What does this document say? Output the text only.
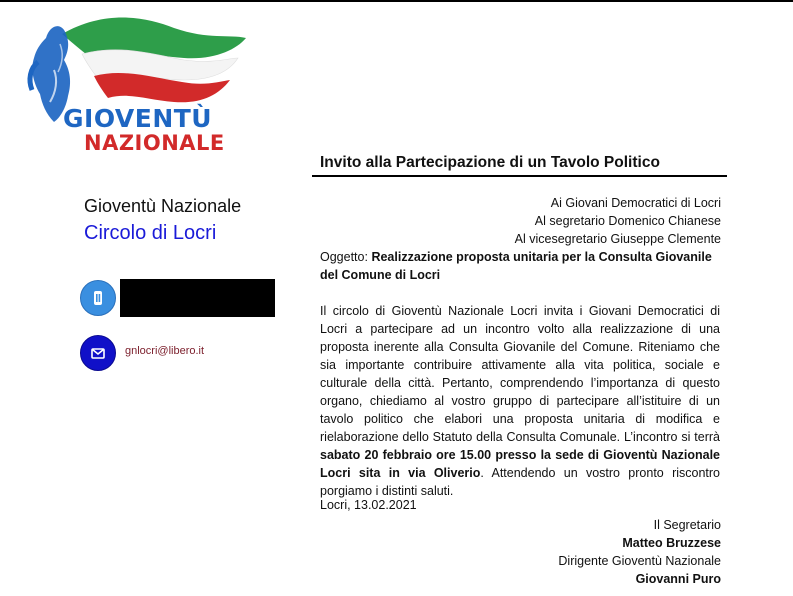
GIOVENTÙ
NAZIONALE
Gioventù Nazionale
Circolo di Locri
gnlocri@libero.it
Invito alla Partecipazione di un Tavolo Politico
Ai Giovani Democratici di Locri
Al segretario Domenico Chianese
Al vicesegretario Giuseppe Clemente
Oggetto: Realizzazione proposta unitaria per la Consulta Giovanile del Comune di Locri
Il circolo di Gioventù Nazionale Locri invita i Giovani Democratici di Locri a partecipare ad un incontro volto alla realizzazione di una proposta inerente alla Consulta Giovanile del Comune. Riteniamo che sia importante contribuire attivamente alla vita politica, sociale e culturale della città. Pertanto, comprendendo l’importanza di questo organo, chiediamo al vostro gruppo di partecipare all’istituire di un tavolo politico che elabori una proposta unitaria di modifica e rielaborazione dello Statuto della Consulta Comunale. L’incontro si terrà sabato 20 febbraio ore 15.00 presso la sede di Gioventù Nazionale Locri sita in via Oliverio. Attendendo un vostro pronto riscontro porgiamo i distinti saluti.
Locri, 13.02.2021
Il Segretario
Matteo Bruzzese
Dirigente Gioventù Nazionale
Giovanni Puro
